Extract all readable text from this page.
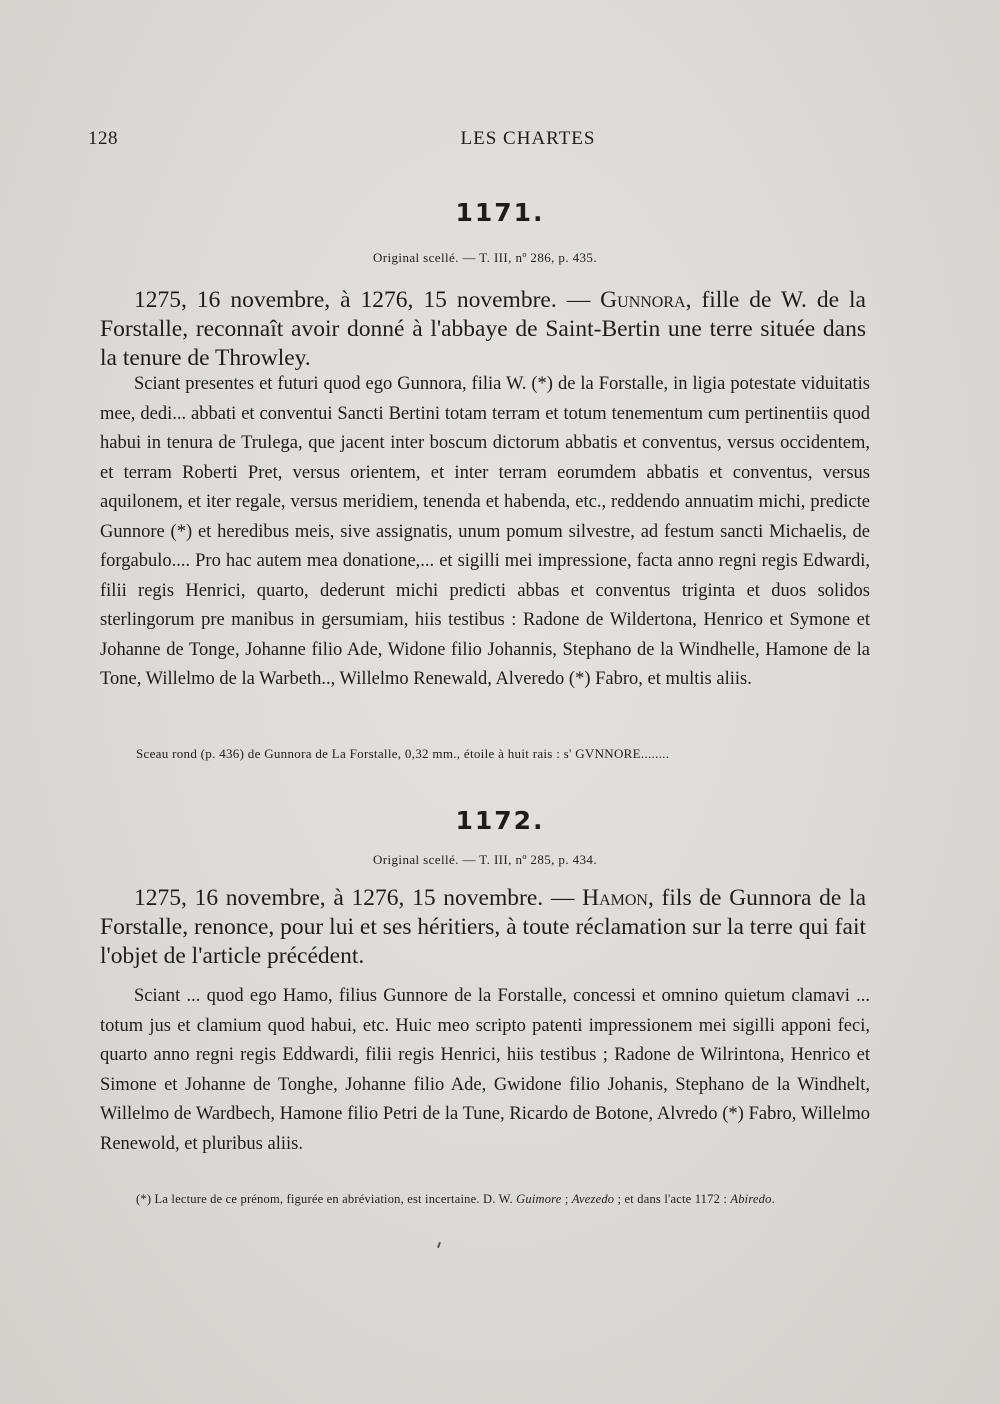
128	LES CHARTES
1171.
Original scellé. — T. III, nº 286, p. 435.

1275, 16 novembre, à 1276, 15 novembre. — Gunnora, fille de W. de la Forstalle, reconnaît avoir donné à l'abbaye de Saint-Bertin une terre située dans la tenure de Throwley.

Sciant presentes et futuri quod ego Gunnora, filia W. (*) de la Forstalle, in ligia potestate viduitatis mee, dedi... abbati et conventui Sancti Bertini totam terram et totum tenementum cum pertinentiis quod habui in tenura de Trulega, que jacent inter boscum dictorum abbatis et conventus, versus occidentem, et terram Roberti Pret, versus orientem, et inter terram eorumdem abbatis et conventus, versus aquilonem, et iter regale, versus meridiem, tenenda et habenda, etc., reddendo annuatim michi, predicte Gunnore (*) et heredibus meis, sive assignatis, unum pomum silvestre, ad festum sancti Michaelis, de forgabulo.... Pro hac autem mea donatione,... et sigilli mei impressione, facta anno regni regis Edwardi, filii regis Henrici, quarto, dederunt michi predicti abbas et conventus triginta et duos solidos sterlingorum pre manibus in gersumiam, hiis testibus : Radone de Wildertona, Henrico et Symone et Johanne de Tonge, Johanne filio Ade, Widone filio Johannis, Stephano de la Windhelle, Hamone de la Tone, Willelmo de la Warbeth.., Willelmo Renewald, Alveredo (*) Fabro, et multis aliis.

Sceau rond (p. 436) de Gunnora de La Forstalle, 0,32 mm., étoile à huit rais : s' GVNNORE........
1172.
Original scellé. — T. III, nº 285, p. 434.

1275, 16 novembre, à 1276, 15 novembre. — Hamon, fils de Gunnora de la Forstalle, renonce, pour lui et ses héritiers, à toute réclamation sur la terre qui fait l'objet de l'article précédent.

Sciant ... quod ego Hamo, filius Gunnore de la Forstalle, concessi et omnino quietum clamavi ... totum jus et clamium quod habui, etc. Huic meo scripto patenti impressionem mei sigilli apponi feci, quarto anno regni regis Eddwardi, filii regis Henrici, hiis testibus ; Radone de Wilrintona, Henrico et Simone et Johanne de Tonghe, Johanne filio Ade, Gwidone filio Johanis, Stephano de la Windhelt, Willelmo de Wardbech, Hamone filio Petri de la Tune, Ricardo de Botone, Alvredo (*) Fabro, Willelmo Renewold, et pluribus aliis.

(*) La lecture de ce prénom, figurée en abréviation, est incertaine. D. W. Guimore ; Avezedo ; et dans l'acte 1172 : Abiredo.
